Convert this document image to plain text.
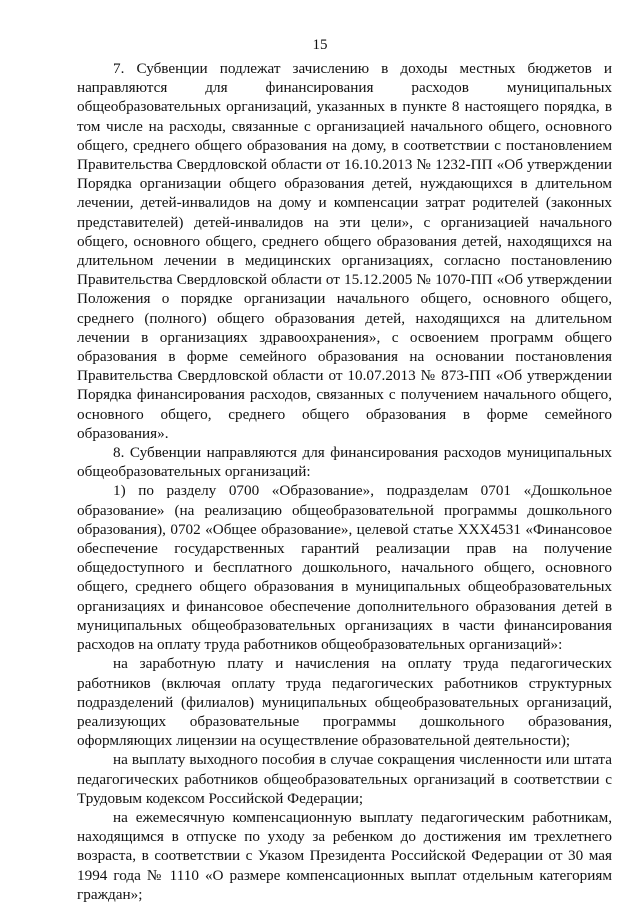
15

7. Субвенции подлежат зачислению в доходы местных бюджетов и направляются для финансирования расходов муниципальных общеобразовательных организаций, указанных в пункте 8 настоящего порядка, в том числе на расходы, связанные с организацией начального общего, основного общего, среднего общего образования на дому, в соответствии с постановлением Правительства Свердловской области от 16.10.2013 № 1232-ПП «Об утверждении Порядка организации общего образования детей, нуждающихся в длительном лечении, детей-инвалидов на дому и компенсации затрат родителей (законных представителей) детей-инвалидов на эти цели», с организацией начального общего, основного общего, среднего общего образования детей, находящихся на длительном лечении в медицинских организациях, согласно постановлению Правительства Свердловской области от 15.12.2005 № 1070-ПП «Об утверждении Положения о порядке организации начального общего, основного общего, среднего (полного) общего образования детей, находящихся на длительном лечении в организациях здравоохранения», с освоением программ общего образования в форме семейного образования на основании постановления Правительства Свердловской области от 10.07.2013 № 873-ПП «Об утверждении Порядка финансирования расходов, связанных с получением начального общего, основного общего, среднего общего образования в форме семейного образования».

8. Субвенции направляются для финансирования расходов муниципальных общеобразовательных организаций:

1) по разделу 0700 «Образование», подразделам 0701 «Дошкольное образование» (на реализацию общеобразовательной программы дошкольного образования), 0702 «Общее образование», целевой статье ХХХ4531 «Финансовое обеспечение государственных гарантий реализации прав на получение общедоступного и бесплатного дошкольного, начального общего, основного общего, среднего общего образования в муниципальных общеобразовательных организациях и финансовое обеспечение дополнительного образования детей в муниципальных общеобразовательных организациях в части финансирования расходов на оплату труда работников общеобразовательных организаций»:

на заработную плату и начисления на оплату труда педагогических работников (включая оплату труда педагогических работников структурных подразделений (филиалов) муниципальных общеобразовательных организаций, реализующих образовательные программы дошкольного образования, оформляющих лицензии на осуществление образовательной деятельности);

на выплату выходного пособия в случае сокращения численности или штата педагогических работников общеобразовательных организаций в соответствии с Трудовым кодексом Российской Федерации;

на ежемесячную компенсационную выплату педагогическим работникам, находящимся в отпуске по уходу за ребенком до достижения им трехлетнего возраста, в соответствии с Указом Президента Российской Федерации от 30 мая 1994 года № 1110 «О размере компенсационных выплат отдельным категориям граждан»;
